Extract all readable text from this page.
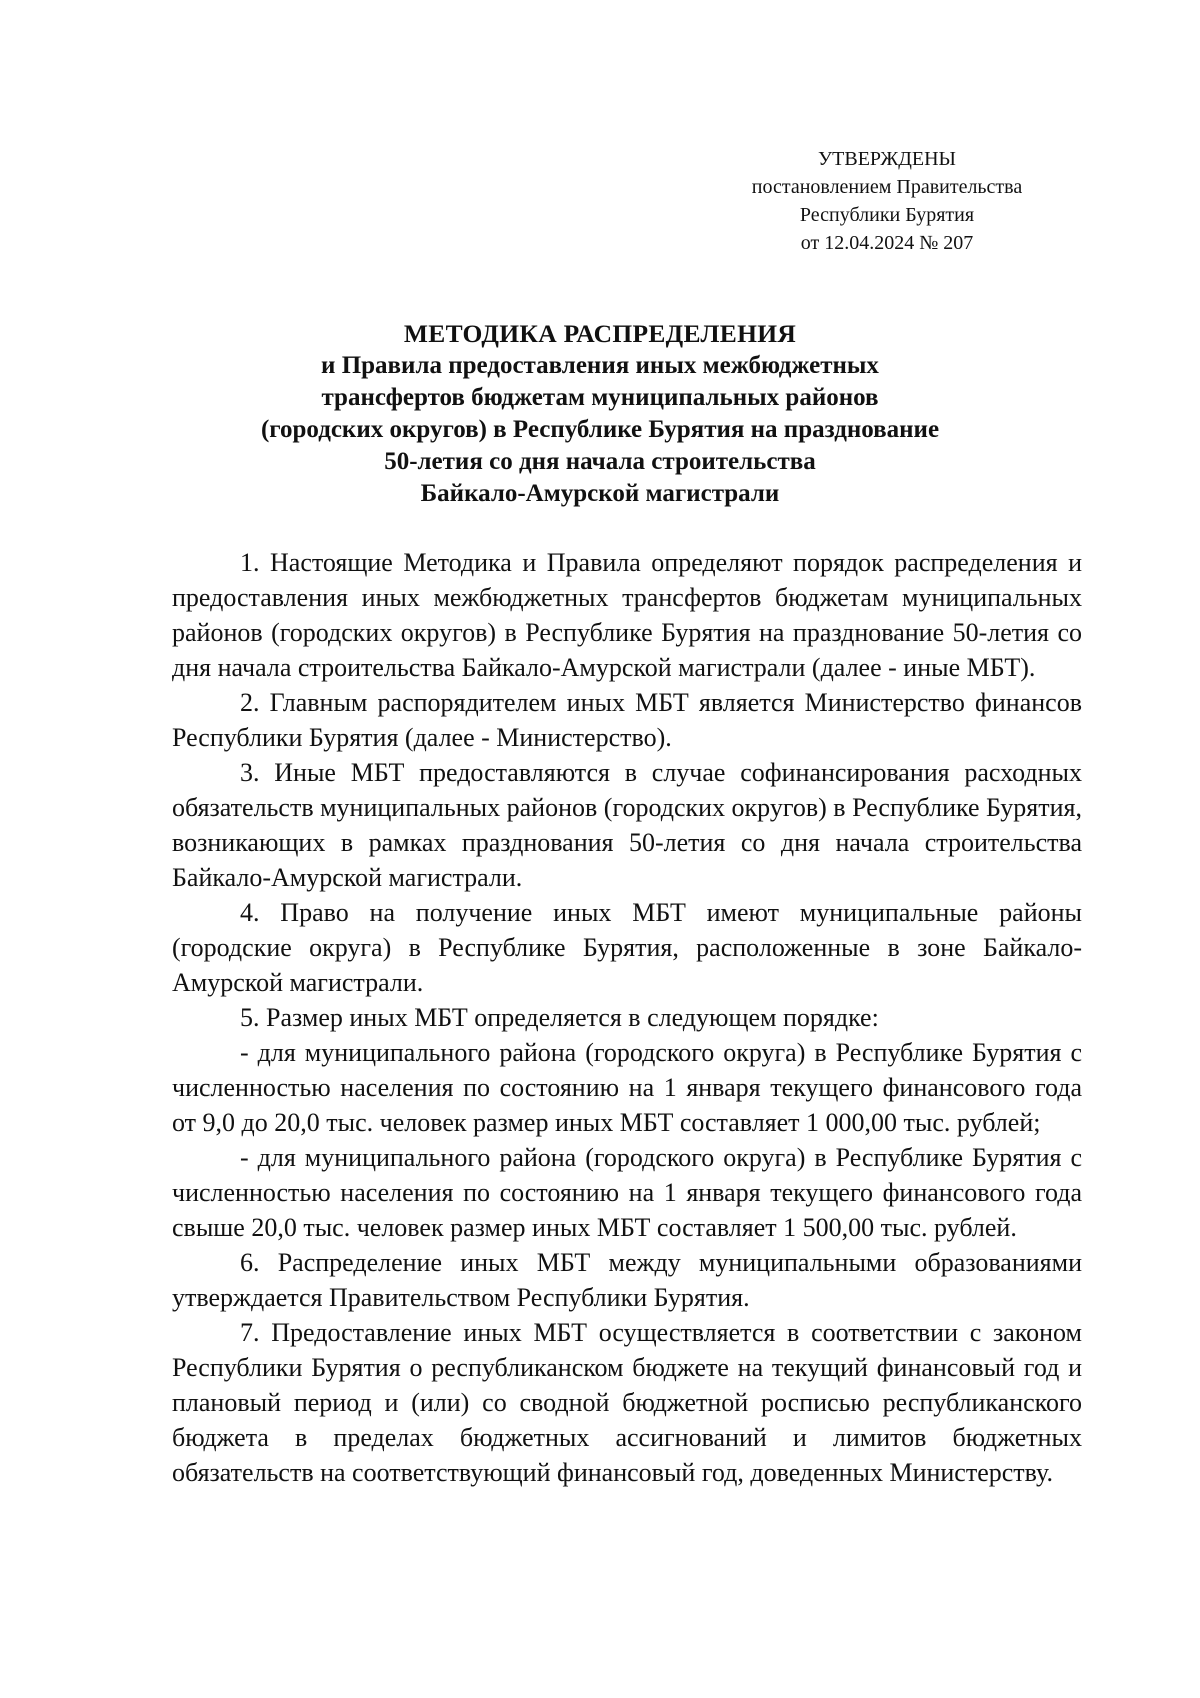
УТВЕРЖДЕНЫ
постановлением Правительства
Республики Бурятия
от 12.04.2024 № 207
МЕТОДИКА РАСПРЕДЕЛЕНИЯ
и Правила предоставления иных межбюджетных
трансфертов бюджетам муниципальных районов
(городских округов) в Республике Бурятия на празднование
50-летия со дня начала строительства
Байкало-Амурской магистрали

1. Настоящие Методика и Правила определяют порядок распределения и предоставления иных межбюджетных трансфертов бюджетам муниципальных районов (городских округов) в Республике Бурятия на празднование 50-летия со дня начала строительства Байкало-Амурской магистрали (далее - иные МБТ).

2. Главным распорядителем иных МБТ является Министерство финансов Республики Бурятия (далее - Министерство).

3. Иные МБТ предоставляются в случае софинансирования расходных обязательств муниципальных районов (городских округов) в Республике Бурятия, возникающих в рамках празднования 50-летия со дня начала строительства Байкало-Амурской магистрали.

4. Право на получение иных МБТ имеют муниципальные районы (городские округа) в Республике Бурятия, расположенные в зоне Байкало-Амурской магистрали.

5. Размер иных МБТ определяется в следующем порядке:

- для муниципального района (городского округа) в Республике Бурятия с численностью населения по состоянию на 1 января текущего финансового года от 9,0 до 20,0 тыс. человек размер иных МБТ составляет 1 000,00 тыс. рублей;

- для муниципального района (городского округа) в Республике Бурятия с численностью населения по состоянию на 1 января текущего финансового года свыше 20,0 тыс. человек размер иных МБТ составляет 1 500,00 тыс. рублей.

6. Распределение иных МБТ между муниципальными образованиями утверждается Правительством Республики Бурятия.

7. Предоставление иных МБТ осуществляется в соответствии с законом Республики Бурятия о республиканском бюджете на текущий финансовый год и плановый период и (или) со сводной бюджетной росписью республиканского бюджета в пределах бюджетных ассигнований и лимитов бюджетных обязательств на соответствующий финансовый год, доведенных Министерству.
